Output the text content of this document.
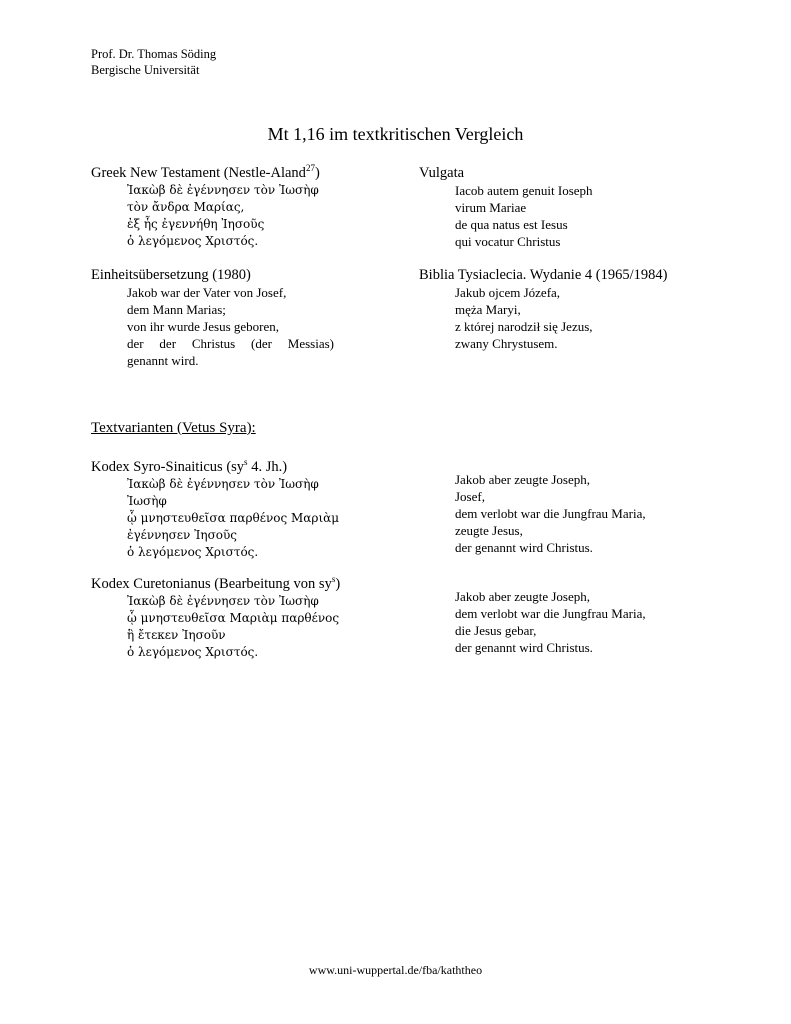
Prof. Dr. Thomas Söding
Bergische Universität
Mt 1,16 im textkritischen Vergleich
Greek New Testament (Nestle-Aland$^{27}$)
Ἰακὼβ δὲ ἐγέννησεν τὸν Ἰωσὴφ
τὸν ἄνδρα Μαρίας,
ἐξ ἧς ἐγεννήθη Ἰησοῦς
ὁ λεγόμενος Χριστός.
Vulgata
Iacob autem genuit Ioseph
virum Mariae
de qua natus est Iesus
qui vocatur Christus
Einheitsübersetzung (1980)
Jakob war der Vater von Josef,
dem Mann Marias;
von ihr wurde Jesus geboren,
der der Christus (der Messias)
genannt wird.
Biblia Tysiaclecia. Wydanie 4 (1965/1984)
Jakub ojcem Józefa,
męża Maryi,
z której narodził się Jezus,
zwany Chrystusem.
Textvarianten (Vetus Syra):
Kodex Syro-Sinaiticus ($sy^s$ 4. Jh.)
Ἰακὼβ δὲ ἐγέννησεν τὸν Ἰωσὴφ
Ἰωσὴφ
ᾧ μνηστευθεῖσα παρθένος Μαριὰμ
ἐγέννησεν Ἰησοῦς
ὁ λεγόμενος Χριστός.
Jakob aber zeugte Joseph,
Josef,
dem verlobt war die Jungfrau Maria,
zeugte Jesus,
der genannt wird Christus.
Kodex Curetonianus (Bearbeitung von $sy^s$)
Ἰακὼβ δὲ ἐγέννησεν τὸν Ἰωσὴφ
ᾧ μνηστευθεῖσα Μαριὰμ παρθένος
ἣ ἔτεκεν Ἰησοῦν
ὁ λεγόμενος Χριστός.
Jakob aber zeugte Joseph,
dem verlobt war die Jungfrau Maria,
die Jesus gebar,
der genannt wird Christus.
www.uni-wuppertal.de/fba/kaththeo
